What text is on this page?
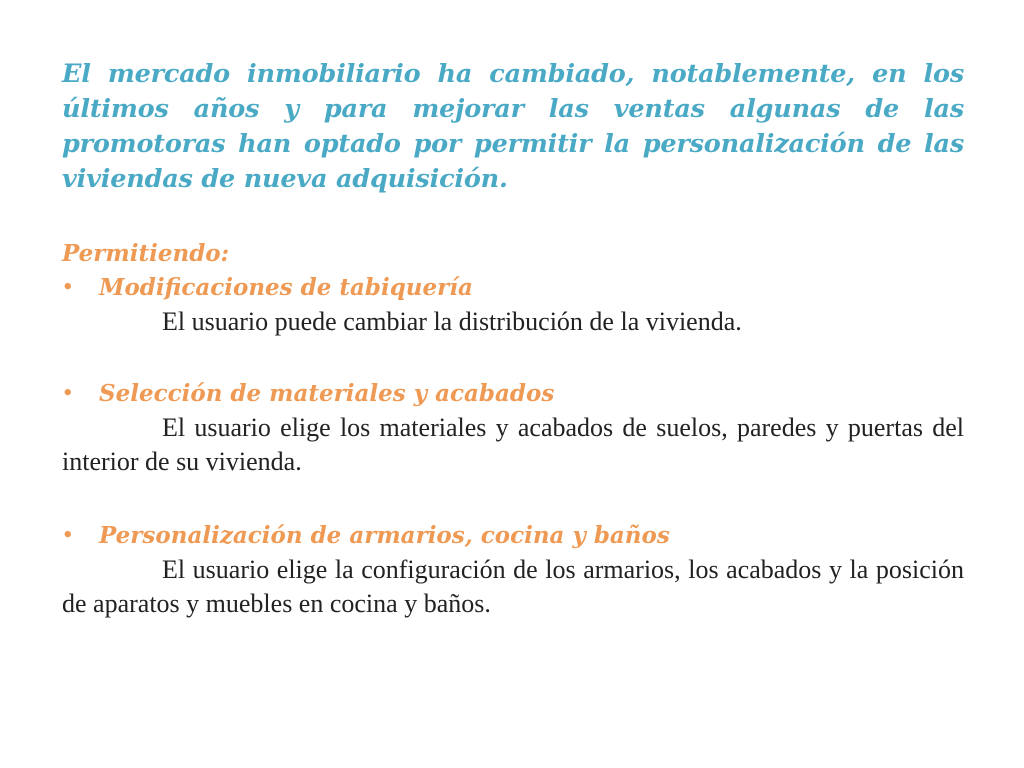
El mercado inmobiliario ha cambiado, notablemente, en los últimos años y para mejorar las ventas algunas de las promotoras han optado por permitir la personalización de las viviendas de nueva adquisición.

Permitiendo:

• Modificaciones de tabiquería

El usuario puede cambiar la distribución de la vivienda.

• Selección de materiales y acabados

El usuario elige los materiales y acabados de suelos, paredes y puertas del interior de su vivienda.

• Personalización de armarios, cocina y baños

El usuario elige la configuración de los armarios, los acabados y la posición de aparatos y muebles en cocina y baños.
